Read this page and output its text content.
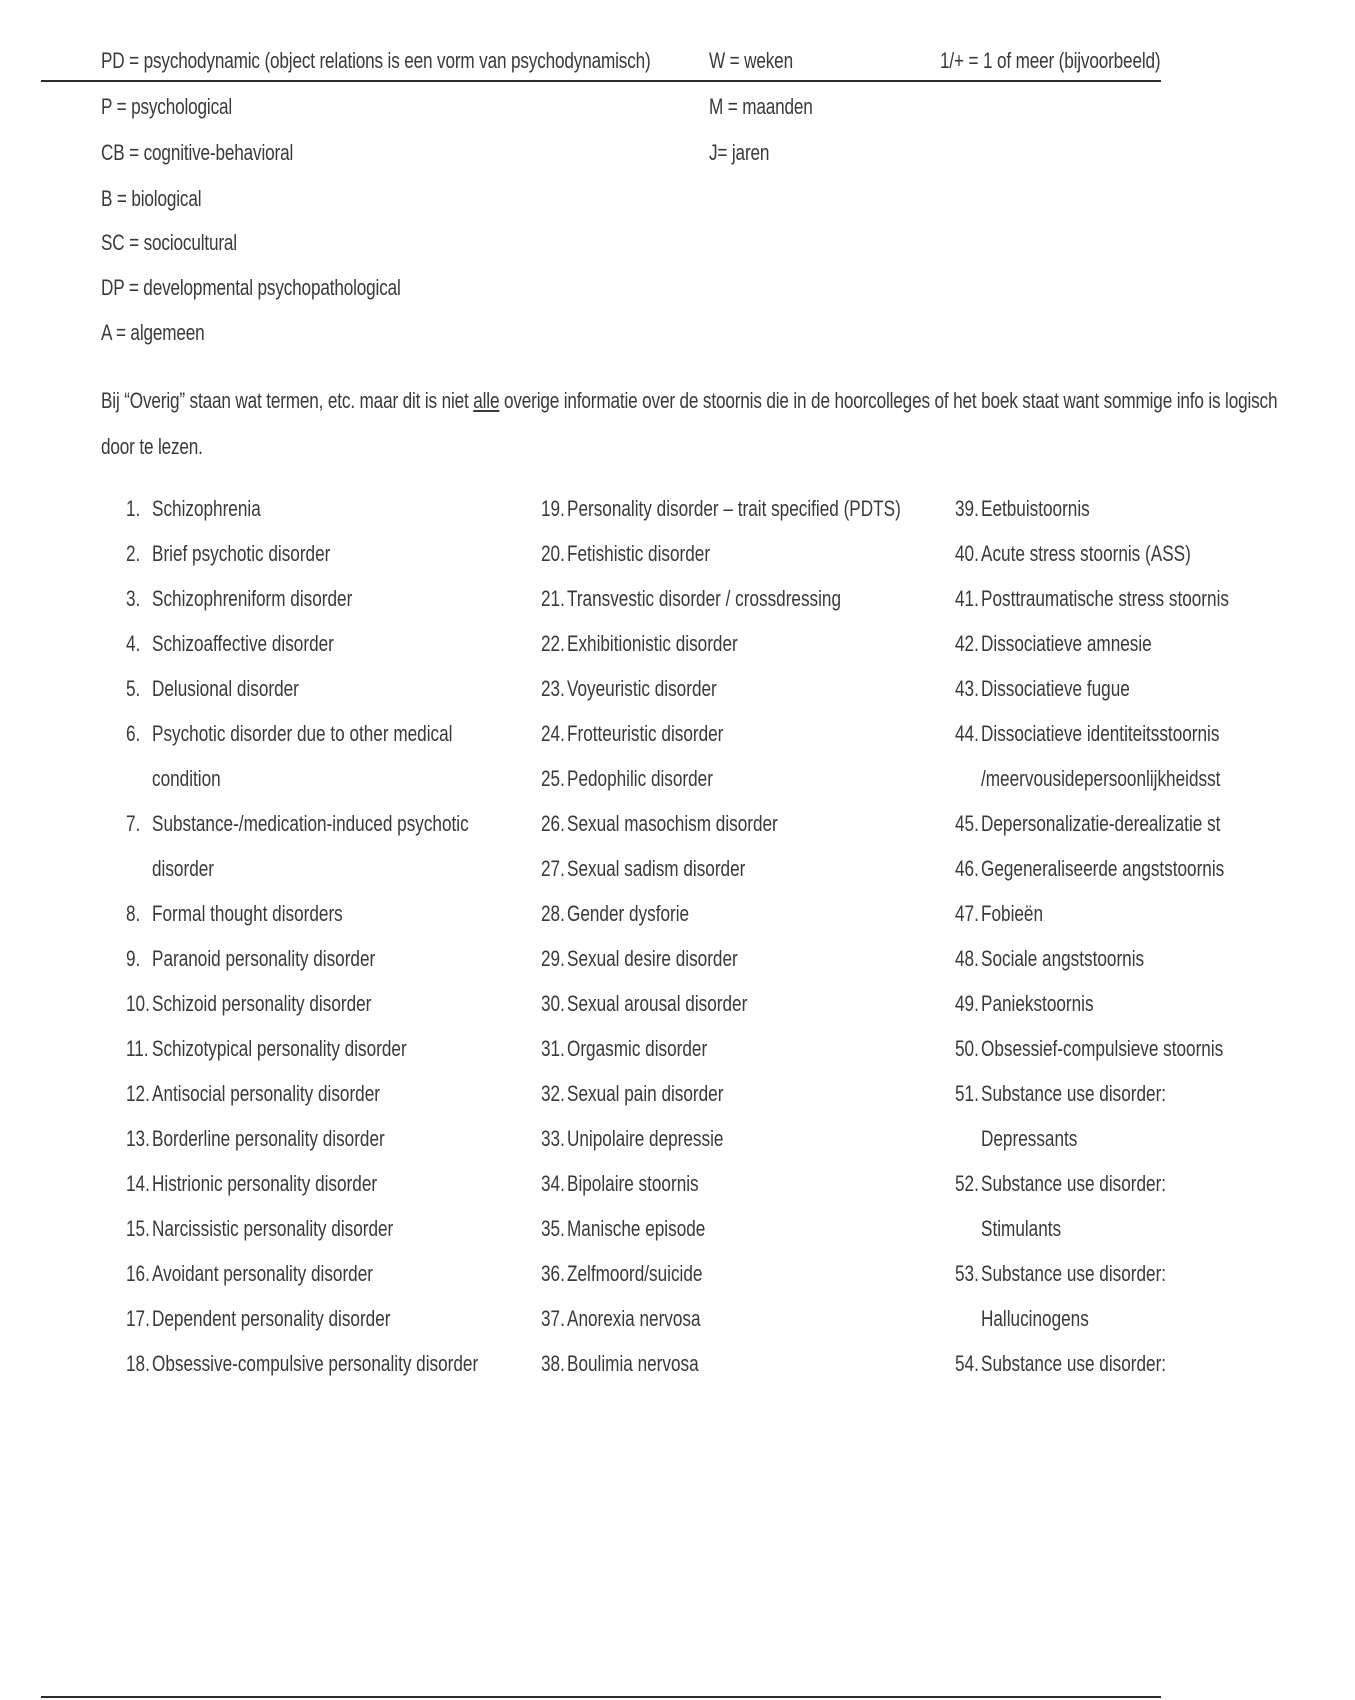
PD = psychodynamic (object relations is een vorm van psychodynamisch)	W = weken	1/+ = 1 of meer (bijvoorbeeld)
P = psychological
CB = cognitive-behavioral
B = biological
SC = sociocultural
DP = developmental psychopathological
A = algemeen
M = maanden
J= jaren
Bij “Overig” staan wat termen, etc. maar dit is niet alle overige informatie over de stoornis die in de hoorcolleges of het boek staat want sommige info is logisch
door te lezen.
1. Schizophrenia
2. Brief psychotic disorder
3. Schizophreniform disorder
4. Schizoaffective disorder
5. Delusional disorder
6. Psychotic disorder due to other medical
condition
7. Substance-/medication-induced psychotic
disorder
8. Formal thought disorders
9. Paranoid personality disorder
10. Schizoid personality disorder
11. Schizotypical personality disorder
12. Antisocial personality disorder
13. Borderline personality disorder
14. Histrionic personality disorder
15. Narcissistic personality disorder
16. Avoidant personality disorder
17. Dependent personality disorder
18. Obsessive-compulsive personality disorder
19. Personality disorder – trait specified (PDTS)
20. Fetishistic disorder
21. Transvestic disorder / crossdressing
22. Exhibitionistic disorder
23. Voyeuristic disorder
24. Frotteuristic disorder
25. Pedophilic disorder
26. Sexual masochism disorder
27. Sexual sadism disorder
28. Gender dysforie
29. Sexual desire disorder
30. Sexual arousal disorder
31. Orgasmic disorder
32. Sexual pain disorder
33. Unipolaire depressie
34. Bipolaire stoornis
35. Manische episode
36. Zelfmoord/suicide
37. Anorexia nervosa
38. Boulimia nervosa
39. Eetbuistoornis
40. Acute stress stoornis (ASS)
41. Posttraumatische stress stoornis
42. Dissociatieve amnesie
43. Dissociatieve fugue
44. Dissociatieve identiteitsstoornis
/meervousidepersoonlijkheidsst
45. Depersonalizatie-derealizatie st
46. Gegeneraliseerde angststoornis
47. Fobieën
48. Sociale angststoornis
49. Paniekstoornis
50. Obsessief-compulsieve stoornis
51. Substance use disorder:
Depressants
52. Substance use disorder:
Stimulants
53. Substance use disorder:
Hallucinogens
54. Substance use disorder:
